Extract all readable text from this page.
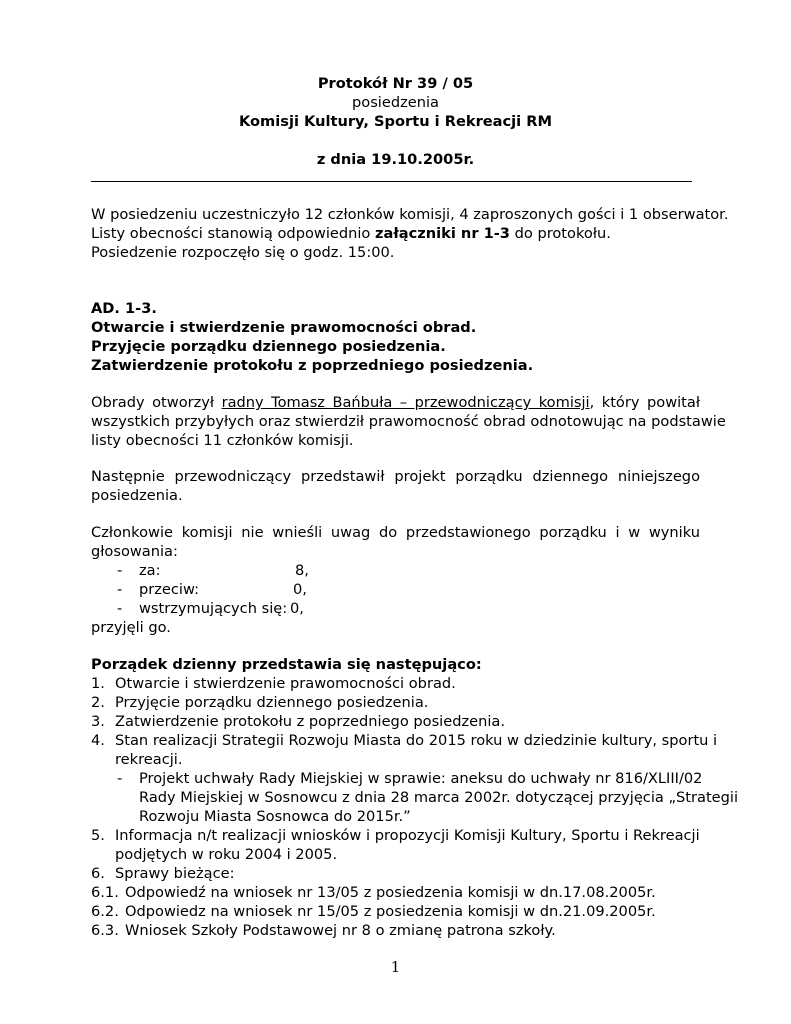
Protokół Nr 39 / 05
posiedzenia
Komisji Kultury, Sportu i Rekreacji RM
z dnia 19.10.2005r.
W posiedzeniu uczestniczyło 12 członków komisji, 4 zaproszonych gości i 1 obserwator.
Listy obecności stanowią odpowiednio załączniki nr 1-3 do protokołu.
Posiedzenie rozpoczęło się o godz. 15:00.
AD. 1-3.
Otwarcie i stwierdzenie prawomocności obrad.
Przyjęcie porządku dziennego posiedzenia.
Zatwierdzenie protokołu z poprzedniego posiedzenia.
Obrady otworzył radny Tomasz Bańbuła – przewodniczący komisji, który powitał
wszystkich przybyłych oraz stwierdził prawomocność obrad odnotowując na podstawie
listy obecności 11 członków komisji.
Następnie przewodniczący przedstawił projekt porządku dziennego niniejszego
posiedzenia.
Członkowie komisji nie wnieśli uwag do przedstawionego porządku i w wyniku
głosowania:
- za:	8,
- przeciw:	0,
- wstrzymujących się: 0,
przyjęli go.
Porządek dzienny przedstawia się następująco:
1. Otwarcie i stwierdzenie prawomocności obrad.
2. Przyjęcie porządku dziennego posiedzenia.
3. Zatwierdzenie protokołu z poprzedniego posiedzenia.
4. Stan realizacji Strategii Rozwoju Miasta do 2015 roku w dziedzinie kultury, sportu i
rekreacji.
- Projekt uchwały Rady Miejskiej w sprawie: aneksu do uchwały nr 816/XLIII/02
Rady Miejskiej w Sosnowcu z dnia 28 marca 2002r. dotyczącej przyjęcia „Strategii
Rozwoju Miasta Sosnowca do 2015r.”
5. Informacja n/t realizacji wniosków i propozycji Komisji Kultury, Sportu i Rekreacji
podjętych w roku 2004 i 2005.
6. Sprawy bieżące:
6.1. Odpowiedź na wniosek nr 13/05 z posiedzenia komisji w dn.17.08.2005r.
6.2. Odpowiedz na wniosek nr 15/05 z posiedzenia komisji w dn.21.09.2005r.
6.3. Wniosek Szkoły Podstawowej nr 8 o zmianę patrona szkoły.
1
